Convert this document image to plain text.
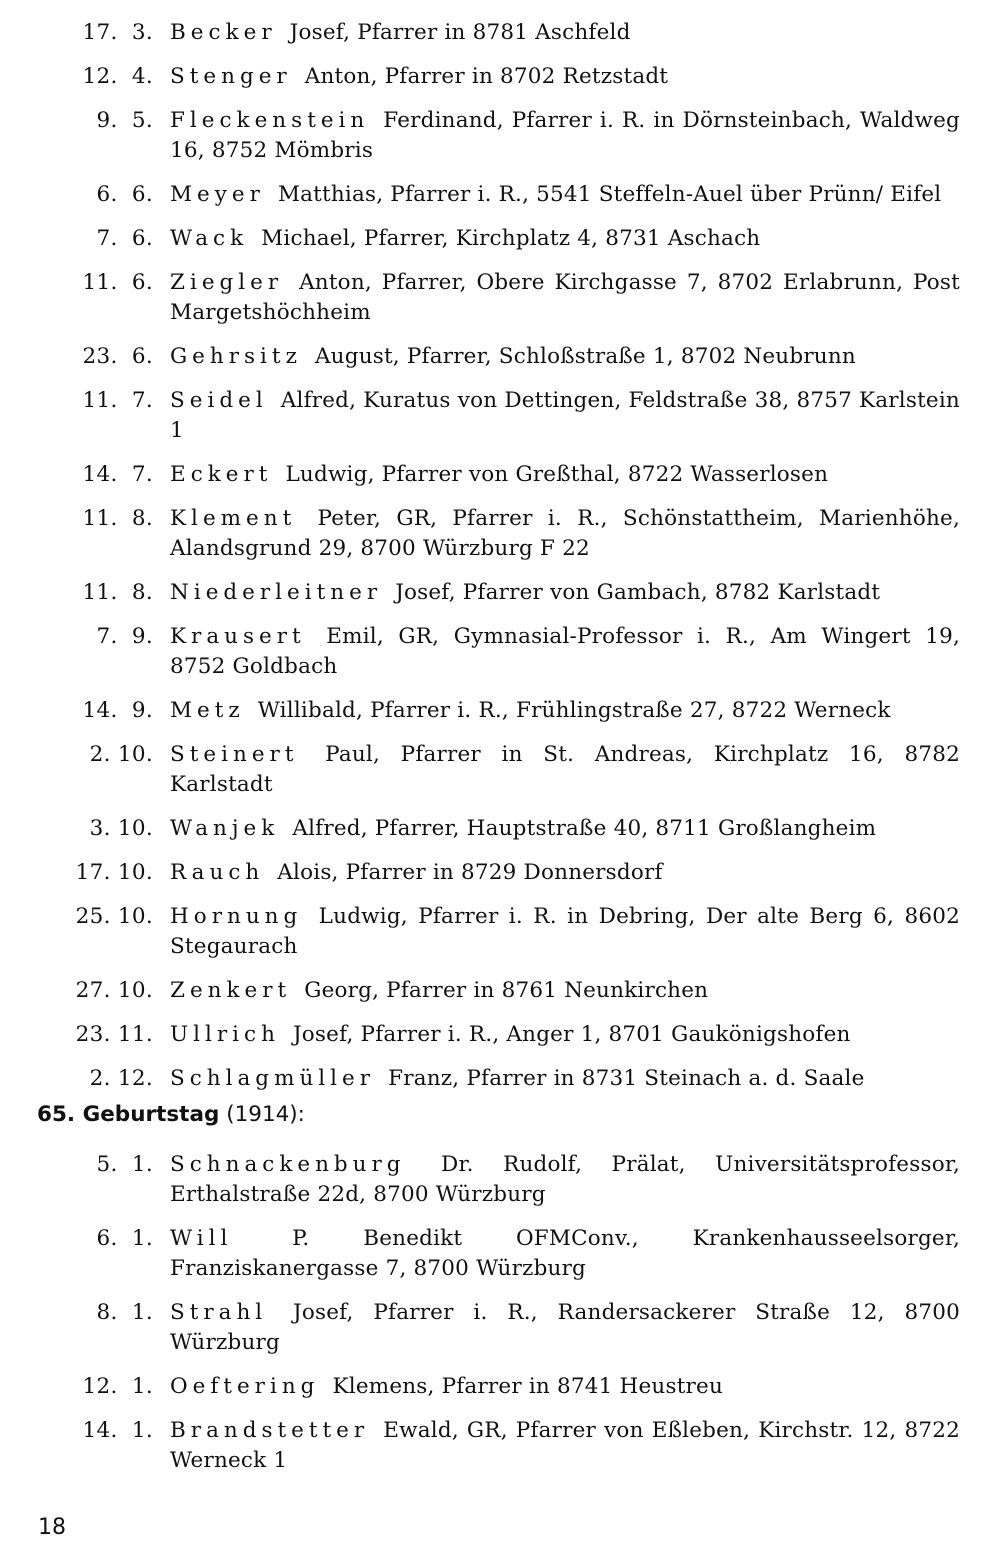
17.  3. Becker Josef, Pfarrer in 8781 Aschfeld
12.  4. Stenger Anton, Pfarrer in 8702 Retzstadt
9.  5. Fleckenstein Ferdinand, Pfarrer i. R. in Dörnsteinbach, Waldweg 16, 8752 Mömbris
6.  6. Meyer Matthias, Pfarrer i. R., 5541 Steffeln-Auel über Prünn/ Eifel
7.  6. Wack Michael, Pfarrer, Kirchplatz 4, 8731 Aschach
11.  6. Ziegler Anton, Pfarrer, Obere Kirchgasse 7, 8702 Erlabrunn, Post Margetshöchheim
23.  6. Gehrsitz August, Pfarrer, Schloßstraße 1, 8702 Neubrunn
11.  7. Seidel Alfred, Kuratus von Dettingen, Feldstraße 38, 8757 Karlstein 1
14.  7. Eckert Ludwig, Pfarrer von Greßthal, 8722 Wasserlosen
11.  8. Klement Peter, GR, Pfarrer i. R., Schönstattheim, Marienhöhe, Alandsgrund 29, 8700 Würzburg F 22
11.  8. Niederleitner Josef, Pfarrer von Gambach, 8782 Karlstadt
7.  9. Krausert Emil, GR, Gymnasial-Professor i. R., Am Wingert 19, 8752 Goldbach
14.  9. Metz Willibald, Pfarrer i. R., Frühlingstraße 27, 8722 Werneck
2. 10. Steinert Paul, Pfarrer in St. Andreas, Kirchplatz 16, 8782 Karlstadt
3. 10. Wanjek Alfred, Pfarrer, Hauptstraße 40, 8711 Großlangheim
17. 10. Rauch Alois, Pfarrer in 8729 Donnersdorf
25. 10. Hornung Ludwig, Pfarrer i. R. in Debring, Der alte Berg 6, 8602 Stegaurach
27. 10. Zenkert Georg, Pfarrer in 8761 Neunkirchen
23. 11. Ullrich Josef, Pfarrer i. R., Anger 1, 8701 Gaukönigshofen
2. 12. Schlagmüller Franz, Pfarrer in 8731 Steinach a. d. Saale
65. Geburtstag (1914):
5.  1. Schnackenburg Dr. Rudolf, Prälat, Universitätsprofessor, Erthalstraße 22d, 8700 Würzburg
6.  1. Will	P. Benedikt OFMConv., Krankenhausseelsorger, Franziskanergasse 7, 8700 Würzburg
8.  1. Strahl Josef, Pfarrer i. R., Randersackerer Straße 12, 8700 Würzburg
12.  1. Oeftering Klemens, Pfarrer in 8741 Heustreu
14.  1. Brandstetter Ewald, GR, Pfarrer von Eßleben, Kirchstr. 12, 8722 Werneck 1
18
